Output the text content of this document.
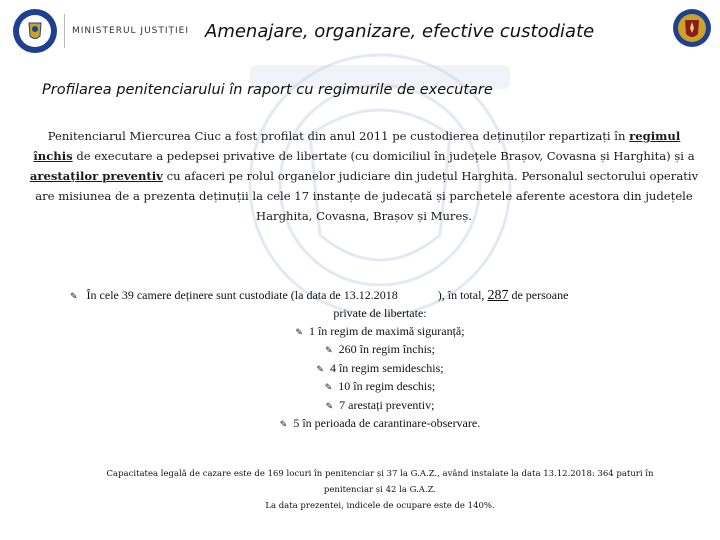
MINISTERUL JUSTIȚIEI Amenajare, organizare, efective custodiate
Profilarea penitenciarului în raport cu regimurile de executare
Penitenciarul Miercurea Ciuc a fost profilat din anul 2011 pe custodierea deținuților repartizați în regimul închis de executare a pedepsei privative de libertate (cu domiciliul în județele Brașov, Covasna și Harghita) și a arestaților preventiv cu afaceri pe rolul organelor judiciare din județul Harghita. Personalul sectorului operativ are misiunea de a prezenta deținuții la cele 17 instanțe de judecată și parchetele aferente acestora din județele Harghita, Covasna, Brașov și Mureș.
✎ În cele 39 camere deținere sunt custodiate (la data de 13.12.2018	), în total, 287 de persoane
private de libertate:
✎ 1 în regim de maximă siguranță;
✎ 260 în regim închis;
✎ 4 în regim semideschis;
✎ 10 în regim deschis;
✎ 7 arestați preventiv;
✎ 5 în perioada de carantinare-observare.
Capacitatea legală de cazare este de 169 locuri în penitenciar și 37 la G.A.Z., având instalate la data 13.12.2018: 364 paturi în
penitenciar și 42 la G.A.Z.
La data prezentei, indicele de ocupare este de 140%.
